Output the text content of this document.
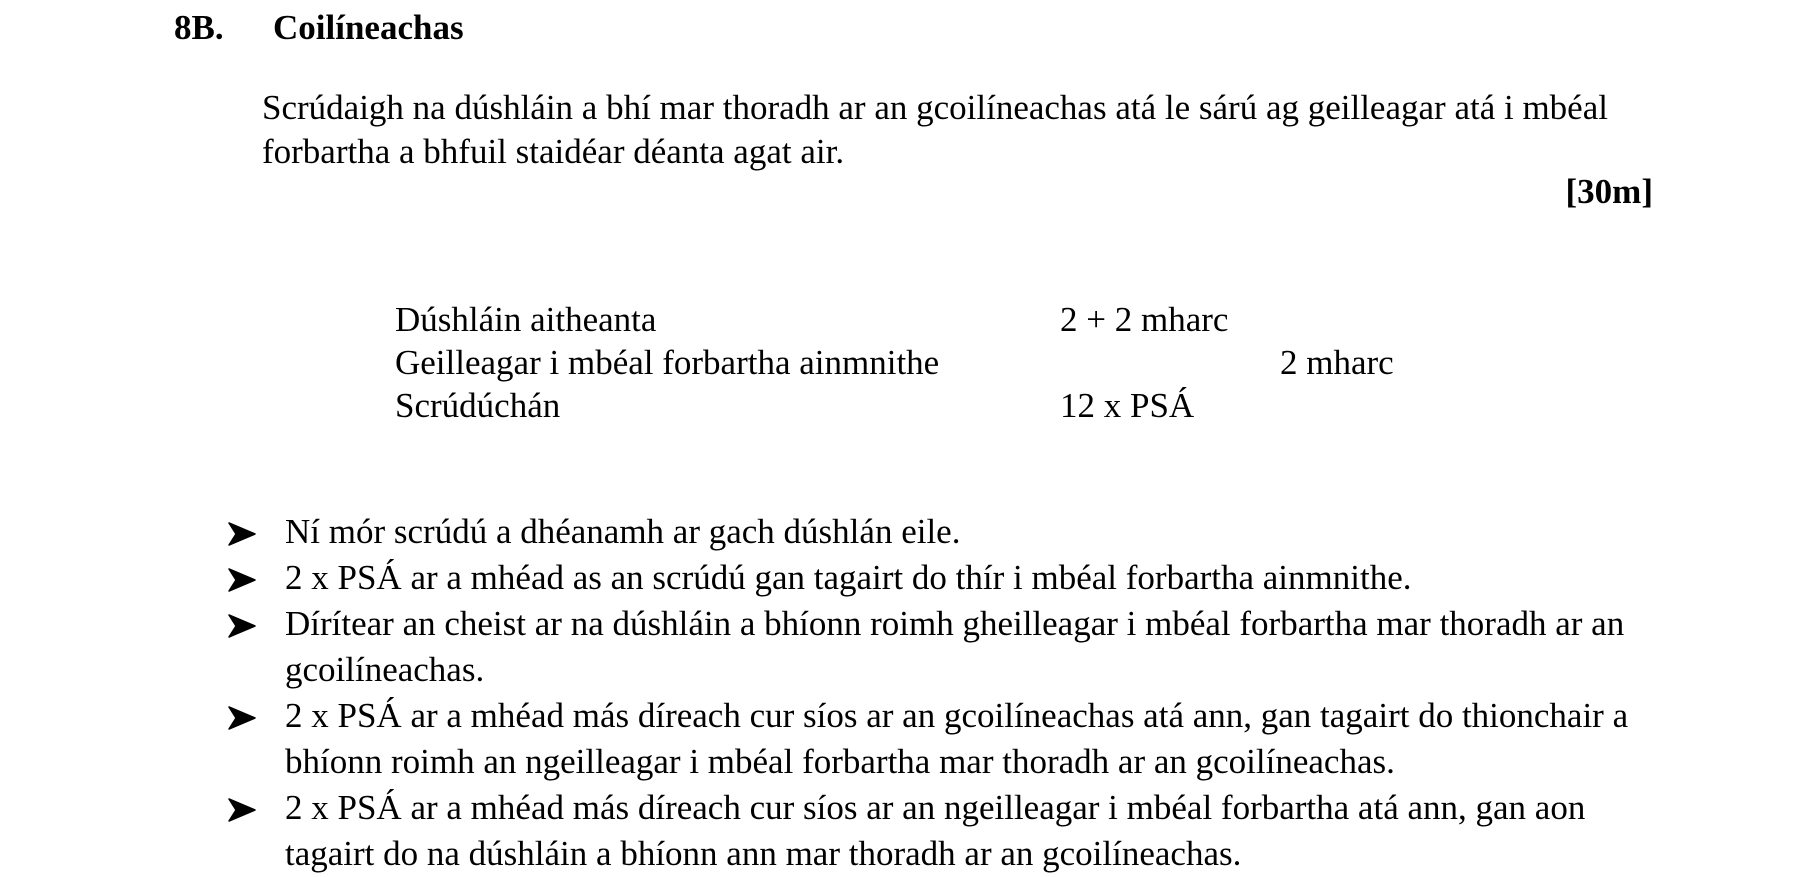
8B. Coilíneachas
Scrúdaigh na dúshláin a bhí mar thoradh ar an gcoilíneachas atá le sárú ag geilleagar atá i mbéal forbartha a bhfuil staidéar déanta agat air.
[30m]
Dúshláin aitheanta	2 + 2 mharc
Geilleagar i mbéal forbartha ainmnithe	2 mharc
Scrúdúchán	12 x PSÁ
Ní mór scrúdú a dhéanamh ar gach dúshlán eile.
2 x PSÁ ar a mhéad as an scrúdú gan tagairt do thír i mbéal forbartha ainmnithe.
Dírítear an cheist ar na dúshláin a bhíonn roimh gheilleagar i mbéal forbartha mar thoradh ar an gcoilíneachas.
2 x PSÁ ar a mhéad más díreach cur síos ar an gcoilíneachas atá ann, gan tagairt do thionchair a bhíonn roimh an ngeilleagar i mbéal forbartha mar thoradh ar an gcoilíneachas.
2 x PSÁ ar a mhéad más díreach cur síos ar an ngeilleagar i mbéal forbartha atá ann, gan aon tagairt do na dúshláin a bhíonn ann mar thoradh ar an gcoilíneachas.
